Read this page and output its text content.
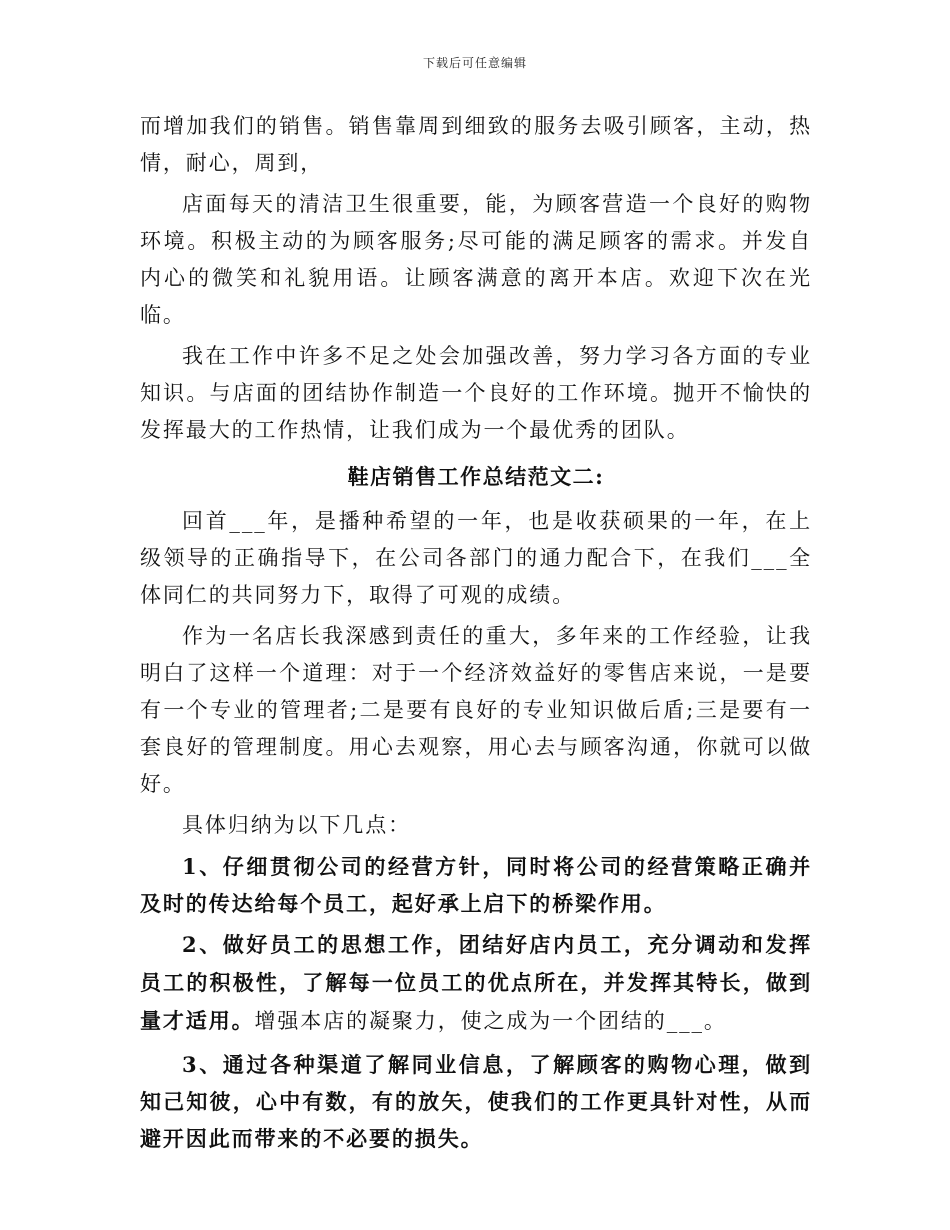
下载后可任意编辑

而增加我们的销售。销售靠周到细致的服务去吸引顾客，主动，热情，耐心，周到，

店面每天的清洁卫生很重要，能，为顾客营造一个良好的购物环境。积极主动的为顾客服务;尽可能的满足顾客的需求。并发自内心的微笑和礼貌用语。让顾客满意的离开本店。欢迎下次在光临。

我在工作中许多不足之处会加强改善，努力学习各方面的专业知识。与店面的团结协作制造一个良好的工作环境。抛开不愉快的发挥最大的工作热情，让我们成为一个最优秀的团队。

鞋店销售工作总结范文二:

回首___年，是播种希望的一年，也是收获硕果的一年，在上级领导的正确指导下，在公司各部门的通力配合下，在我们___全体同仁的共同努力下，取得了可观的成绩。

作为一名店长我深感到责任的重大，多年来的工作经验，让我明白了这样一个道理：对于一个经济效益好的零售店来说，一是要有一个专业的管理者;二是要有良好的专业知识做后盾;三是要有一套良好的管理制度。用心去观察，用心去与顾客沟通，你就可以做好。

具体归纳为以下几点：

1、仔细贯彻公司的经营方针，同时将公司的经营策略正确并及时的传达给每个员工，起好承上启下的桥梁作用。

2、做好员工的思想工作，团结好店内员工，充分调动和发挥员工的积极性，了解每一位员工的优点所在，并发挥其特长，做到量才适用。增强本店的凝聚力，使之成为一个团结的___。

3、通过各种渠道了解同业信息，了解顾客的购物心理，做到知己知彼，心中有数，有的放矢，使我们的工作更具针对性，从而避开因此而带来的不必要的损失。
